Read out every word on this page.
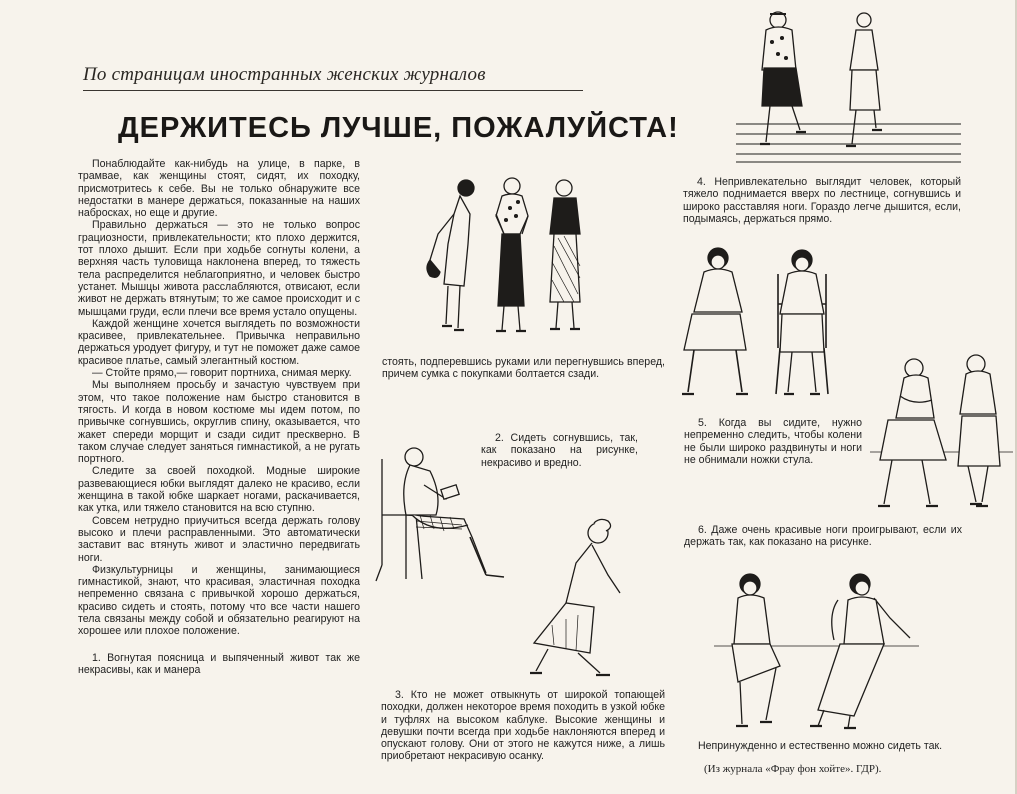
По страницам иностранных женских журналов
ДЕРЖИТЕСЬ ЛУЧШЕ, ПОЖАЛУЙСТА!

Понаблюдайте как-нибудь на улице, в парке, в трамвае, как женщины стоят, сидят, их походку, присмотритесь к себе. Вы не только обнаружите все недостатки в манере держаться, показанные на наших набросках, но еще и другие.

Правильно держаться — это не только вопрос грациозности, привлекательности; кто плохо держится, тот плохо дышит. Если при ходьбе согнуты колени, а верхняя часть туловища наклонена вперед, то тяжесть тела распределится неблагоприятно, и человек быстро устанет. Мышцы живота расслабляются, отвисают, если живот не держать втянутым; то же самое происходит и с мышцами груди, если плечи все время устало опущены.

Каждой женщине хочется выглядеть по возможности красивее, привлекательнее. Привычка неправильно держаться уродует фигуру, и тут не поможет даже самое красивое платье, самый элегантный костюм.

— Стойте прямо,— говорит портниха, снимая мерку.

Мы выполняем просьбу и зачастую чувствуем при этом, что такое положение нам быстро становится в тягость. И когда в новом костюме мы идем потом, по привычке согнувшись, округлив спину, оказывается, что жакет спереди морщит и сзади сидит прескверно. В таком случае следует заняться гимнастикой, а не ругать портного.

Следите за своей походкой. Модные широкие развевающиеся юбки выглядят далеко не красиво, если женщина в такой юбке шаркает ногами, раскачивается, как утка, или тяжело становится на всю ступню.

Совсем нетрудно приучиться всегда держать голову высоко и плечи расправленными. Это автоматически заставит вас втянуть живот и эластично передвигать ноги.

Физкультурницы и женщины, занимающиеся гимнастикой, знают, что красивая, эластичная походка непременно связана с привычкой хорошо держаться, красиво сидеть и стоять, потому что все части нашего тела связаны между собой и обязательно реагируют на хорошее или плохое положение.

1. Вогнутая поясница и выпяченный живот так же некрасивы, как и манера

стоять, подперевшись руками или перегнувшись вперед, причем сумка с покупками болтается сзади.

2. Сидеть согнувшись, так, как показано на рисунке, некрасиво и вредно.

3. Кто не может отвыкнуть от широкой топающей походки, должен некоторое время походить в узкой юбке и туфлях на высоком каблуке. Высокие женщины и девушки почти всегда при ходьбе наклоняются вперед и опускают голову. Они от этого не кажутся ниже, а лишь приобретают некрасивую осанку.

4. Непривлекательно выглядит человек, который тяжело поднимается вверх по лестнице, согнувшись и широко расставляя ноги. Гораздо легче дышится, если, подымаясь, держаться прямо.

5. Когда вы сидите, нужно непременно следить, чтобы колени не были широко раздвинуты и ноги не обнимали ножки стула.

6. Даже очень красивые ноги проигрывают, если их держать так, как показано на рисунке.

Непринужденно и естественно можно сидеть так.

(Из журнала «Фрау фон хойте». ГДР).
